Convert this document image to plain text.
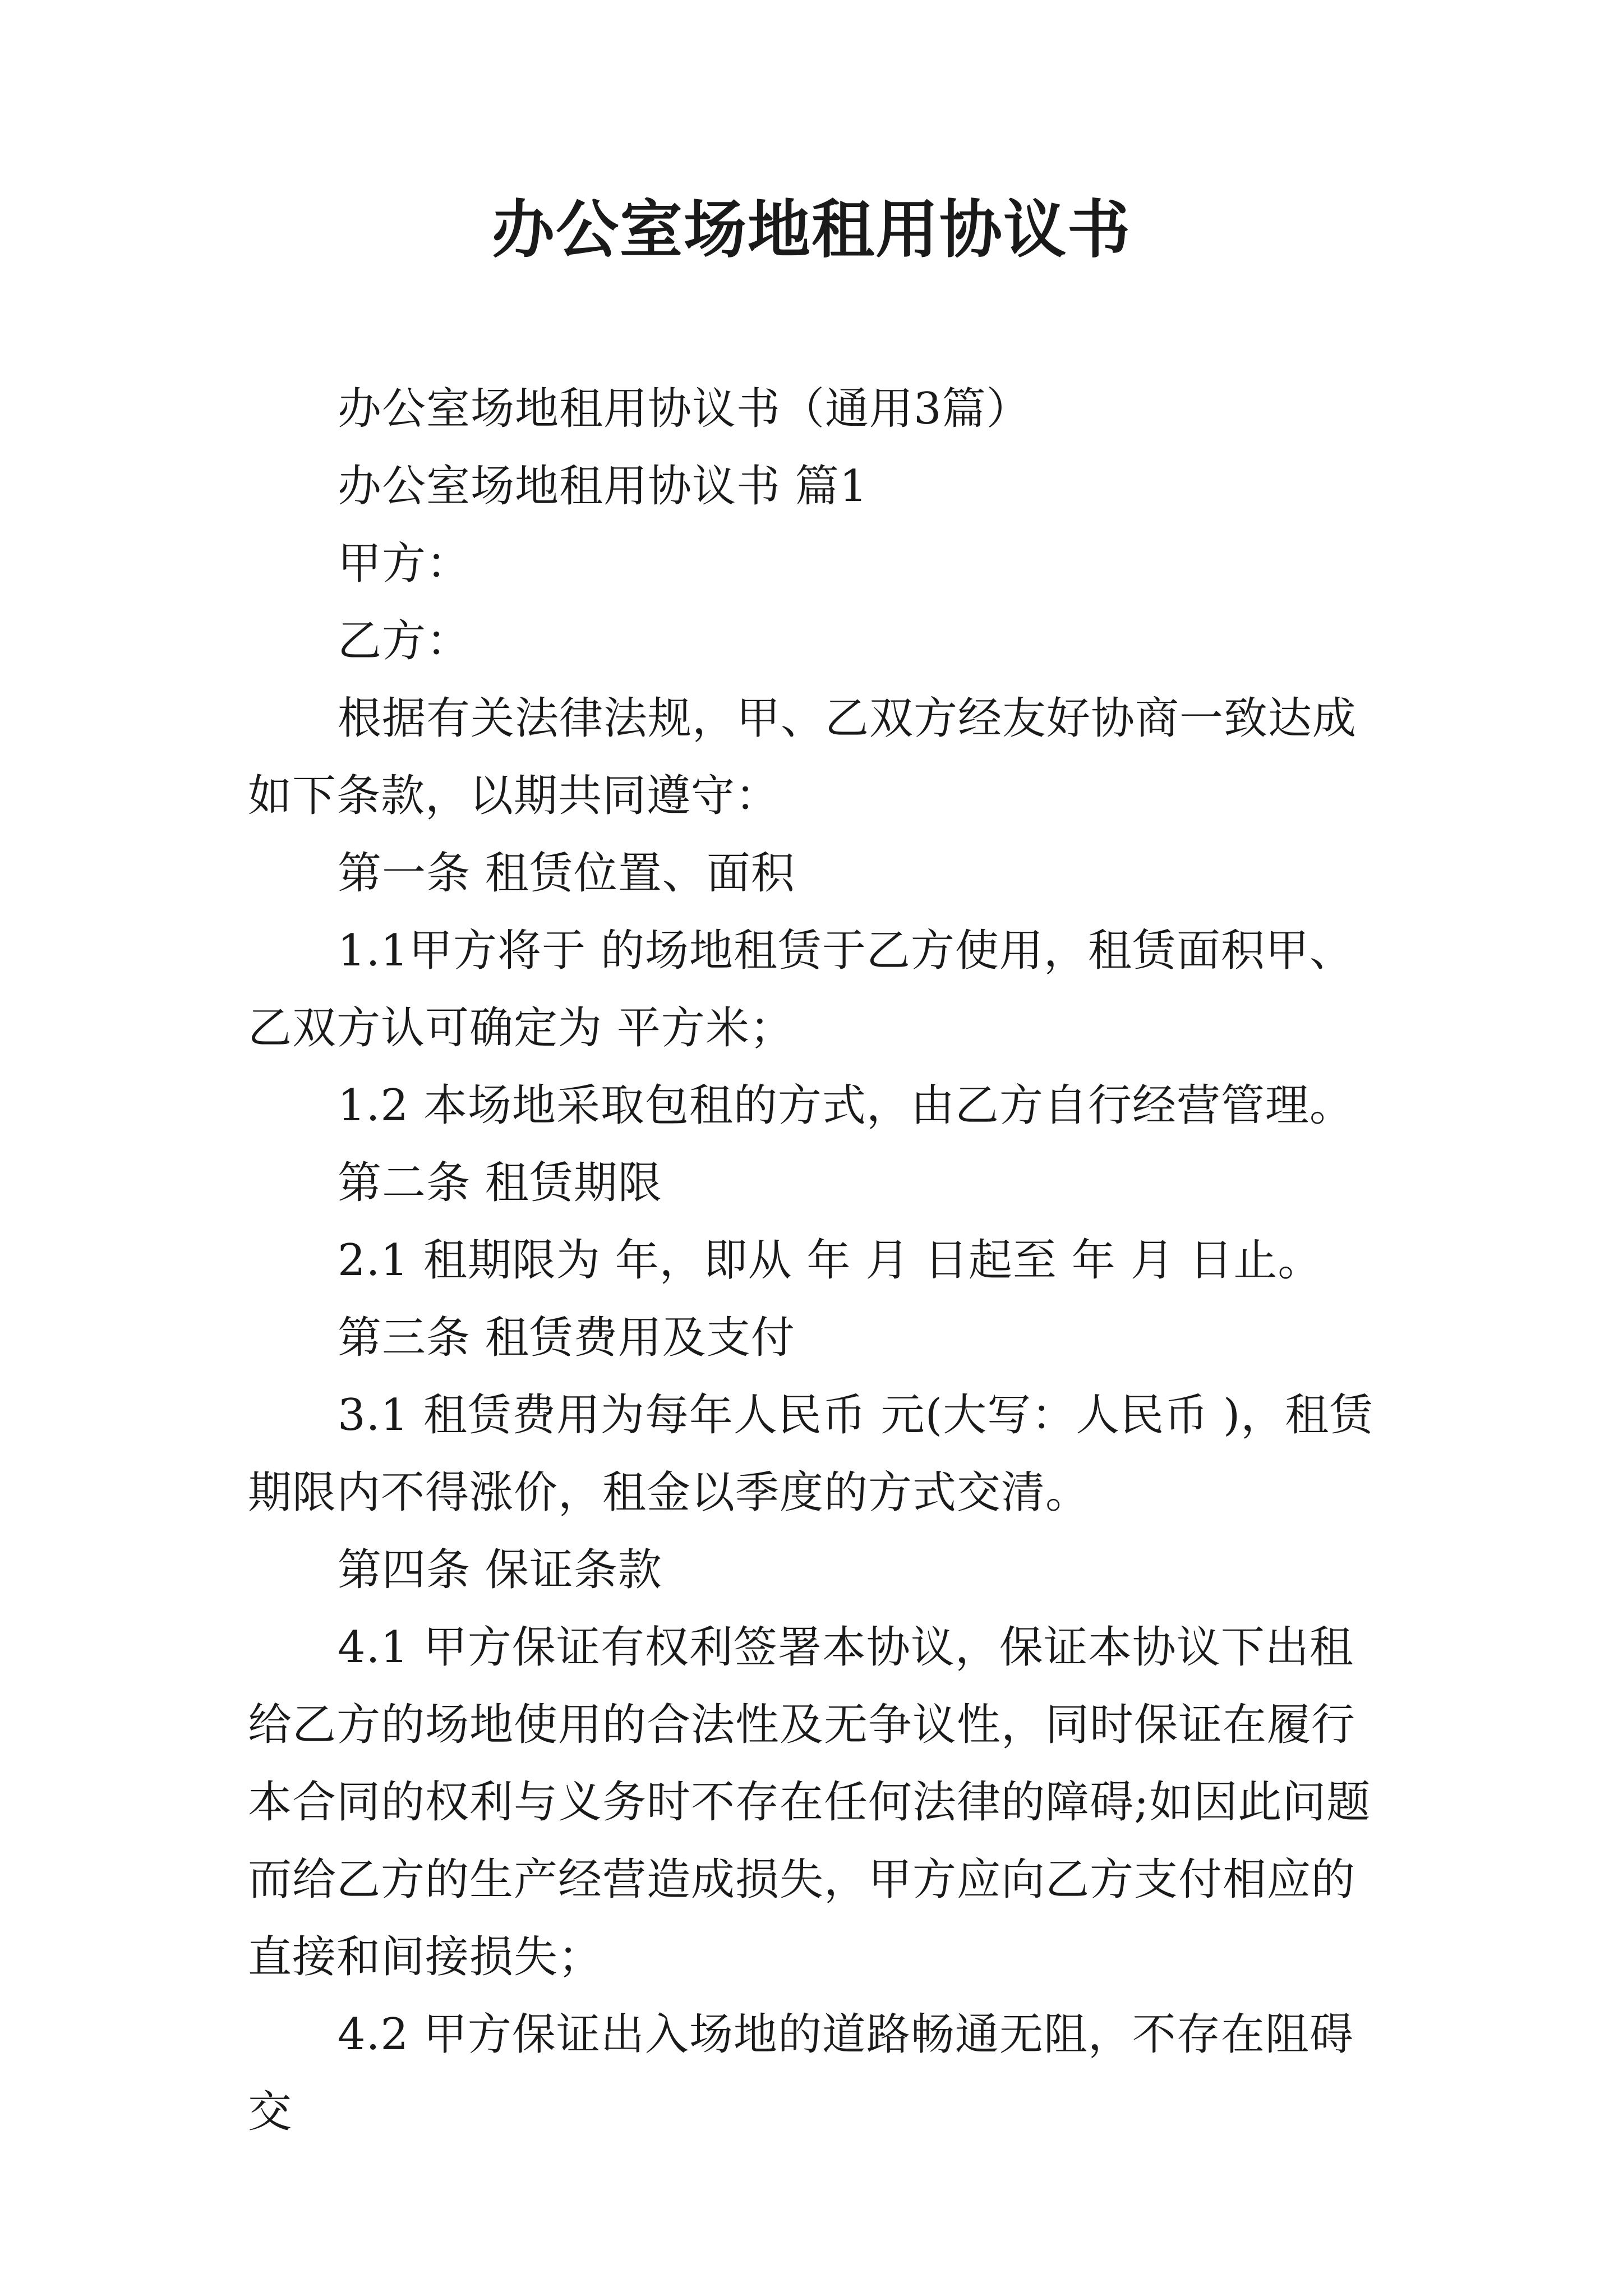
办公室场地租用协议书

办公室场地租用协议书（通用3篇）

办公室场地租用协议书 篇1

甲方：

乙方：

根据有关法律法规，甲、乙双方经友好协商一致达成如下条款，以期共同遵守：

第一条 租赁位置、面积

1.1甲方将于 的场地租赁于乙方使用，租赁面积甲、乙双方认可确定为 平方米；

1.2 本场地采取包租的方式，由乙方自行经营管理。

第二条 租赁期限

2.1 租期限为 年，即从 年 月 日起至 年 月 日止。

第三条 租赁费用及支付

3.1 租赁费用为每年人民币 元(大写：人民币 )，租赁期限内不得涨价，租金以季度的方式交清。

第四条 保证条款

4.1 甲方保证有权利签署本协议，保证本协议下出租给乙方的场地使用的合法性及无争议性，同时保证在履行本合同的权利与义务时不存在任何法律的障碍;如因此问题而给乙方的生产经营造成损失，甲方应向乙方支付相应的直接和间接损失；

4.2 甲方保证出入场地的道路畅通无阻，不存在阻碍交
